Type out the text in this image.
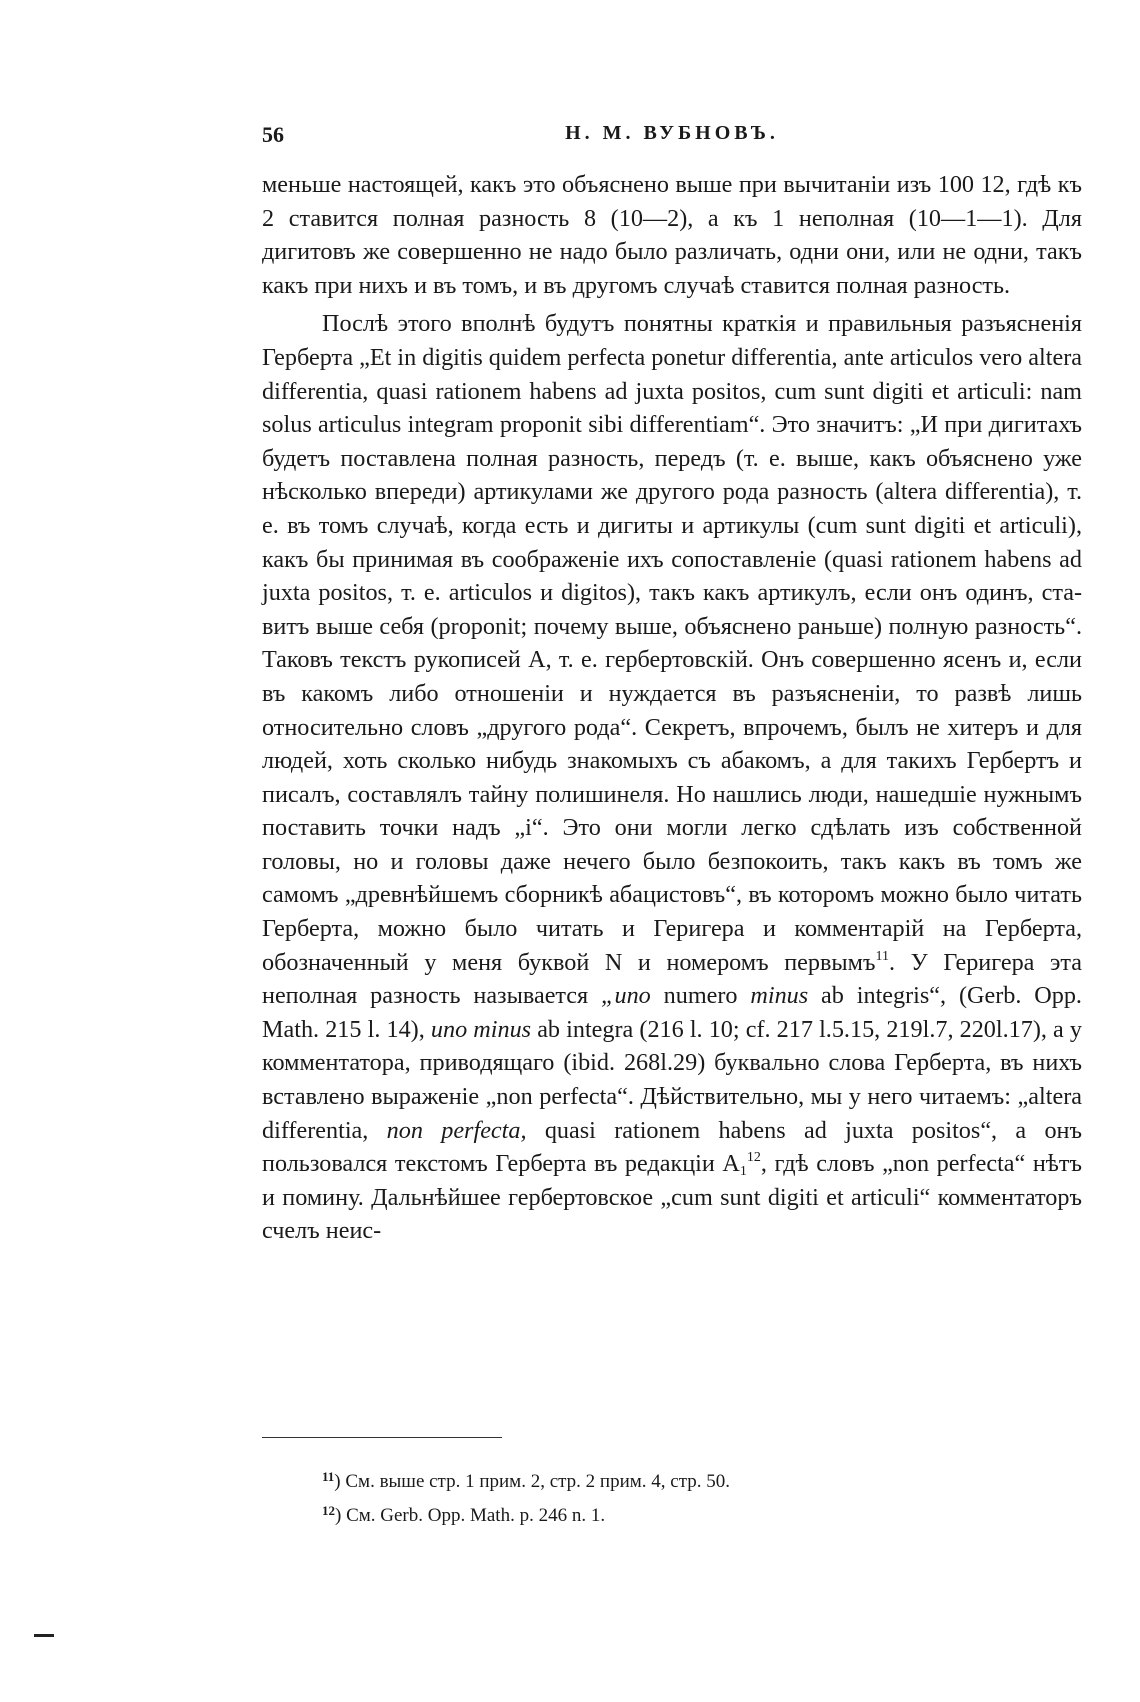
56	Н. М. ВУБНОВЪ.

меньше настоящей, какъ это объяснено выше при вычитаніи изъ 100 12, гдѣ къ 2 ставится полная разность 8 (10—2), а къ 1 неполная (10—1—1). Для дигитовъ же совершенно не надо было различать, одни они, или не одни, такъ какъ при нихъ и въ томъ, и въ другомъ случаѣ ставится полная разность.

Послѣ этого вполнѣ будутъ понятны краткія и правильныя разъясненія Герберта „Et in digitis quidem perfecta ponetur differentia, ante articulos vero altera differentia, quasi rationem habens ad juxta positos, cum sunt digiti et articuli: nam solus articulus integram proponit sibi differentiam“. Это значитъ: „И при дигитахъ будетъ поставлена полная разность, передъ (т. е. выше, какъ объяснено уже нѣсколько впереди) артикулами же другого рода разность (altera differentia), т. е. въ томъ случаѣ, когда есть и дигиты и артикулы (cum sunt digiti et articuli), какъ бы принимая въ соображеніе ихъ сопоставленіе (quasi rationem habens ad juxta positos, т. е. articulos и digitos), такъ какъ артикулъ, если онъ одинъ, ставитъ выше себя (proponit; почему выше, объяснено раньше) полную разность“. Таковъ текстъ рукописей А, т. е. гербертовскій. Онъ совершенно ясенъ и, если въ какомъ либо отношеніи и нуждается въ разъясненіи, то развѣ лишь относительно словъ „другого рода“. Секретъ, впрочемъ, былъ не хитеръ и для людей, хоть сколько нибудь знакомыхъ съ абакомъ, а для такихъ Гербертъ и писалъ, составлялъ тайну полишинеля. Но нашлись люди, нашедшіе нужнымъ поставить точки надъ „i“. Это они могли легко сдѣлать изъ собственной головы, но и головы даже нечего было безпокоить, такъ какъ въ томъ же самомъ „древнѣйшемъ сборникѣ абацистовъ“, въ которомъ можно было читать Герберта, можно было читать и Геригера и комментарій на Герберта, обозначенный у меня буквой N и номеромъ первымъ$^{11}$. У Геригера эта неполная разность называется „uno numero minus ab integris“, (Gerb. Opp. Math. 215 l. 14), uno minus ab integra (216 l. 10; cf. 217 l.5.15, 219l.7, 220l.17), а у комментатора, приводящаго (ibid. 268l.29) буквально слова Герберта, въ нихъ вставлено выраженіе „non perfecta“. Дѣйствительно, мы у него читаемъ: „altera differentia, non perfecta, quasi rationem habens ad juxta positos“, а онъ пользовался текстомъ Герберта въ редакціи $A_1^{12}$, гдѣ словъ „non perfecta“ нѣтъ и помину. Дальнѣйшее гербертовское „cum sunt digiti et articuli“ комментаторъ счелъ неис-

$^{11}$) См. выше стр. 1 прим. 2, стр. 2 прим. 4, стр. 50.
$^{12}$) См. Gerb. Opp. Math. p. 246 n. 1.
